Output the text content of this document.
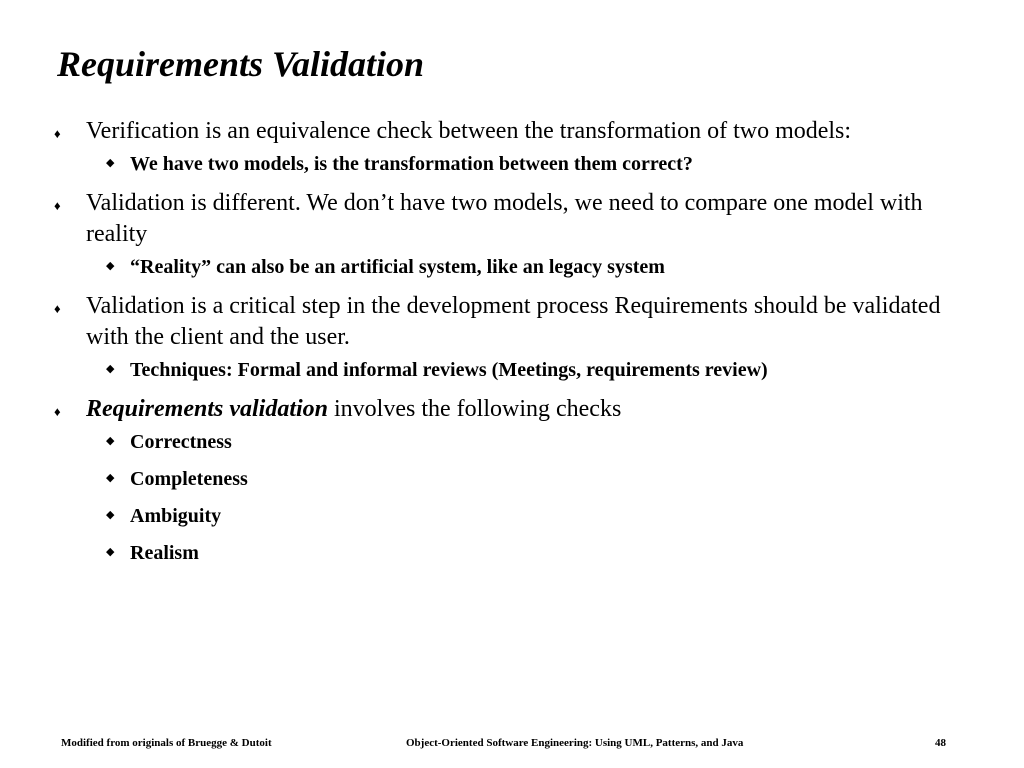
Requirements Validation
♦ Verification is an equivalence check between the transformation of two models:
◆ We have two models, is the transformation between them correct?
♦ Validation is different. We don’t have two models, we need to compare one model with reality
◆ “Reality” can also be an artificial system, like an legacy system
♦ Validation is a critical step in the development process Requirements should be validated with the client and the user.
◆ Techniques: Formal and informal reviews (Meetings, requirements review)
♦ Requirements validation involves the following checks
◆ Correctness
◆ Completeness
◆ Ambiguity
◆ Realism
Modified from originals of Bruegge & Dutoit	Object-Oriented Software Engineering: Using UML, Patterns, and Java	48
